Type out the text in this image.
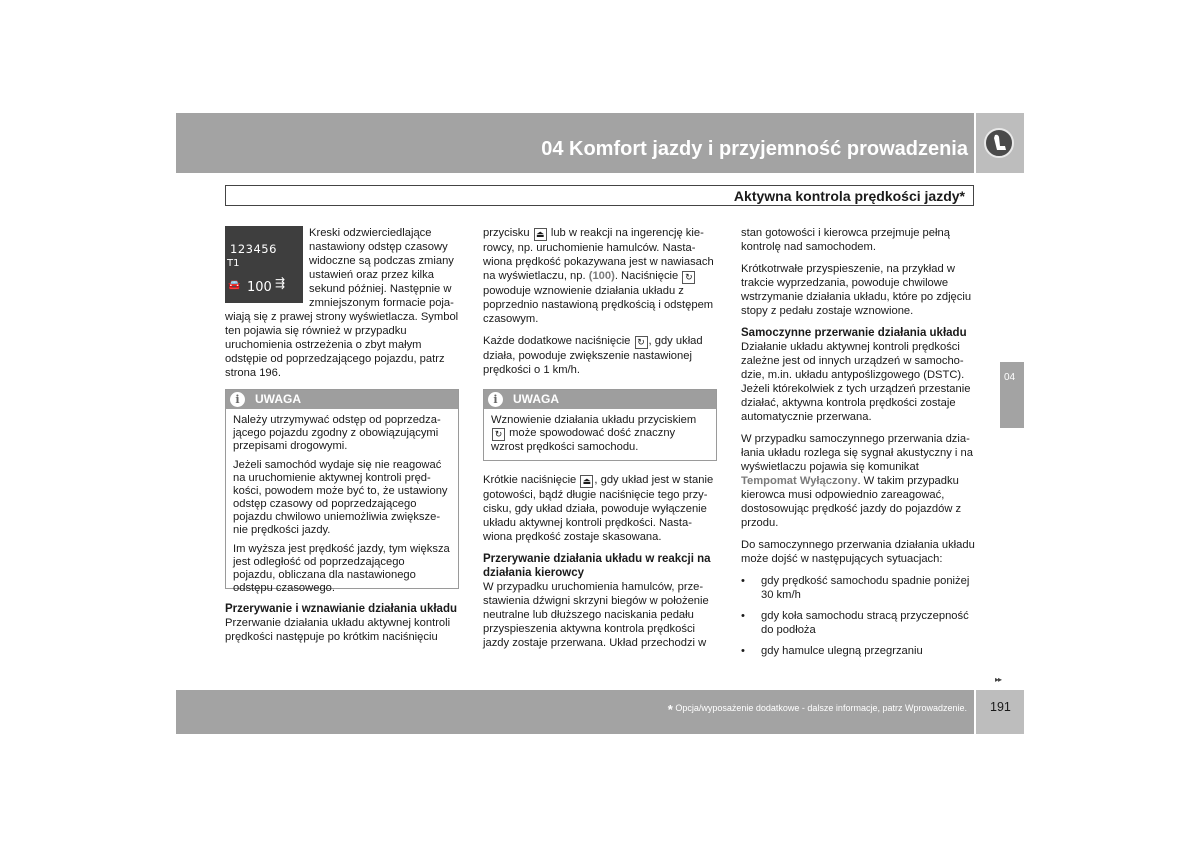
04 Komfort jazdy i przyjemność prowadzenia
Aktywna kontrola prędkości jazdy*
123456
T1
🚘 100 ⇶

Kreski odzwierciedlające nastawiony odstęp czasowy widoczne są podczas zmiany ustawień oraz przez kilka sekund później. Następnie w zmniejszonym formacie poja- wiają się z prawej strony wyświetlacza. Symbol ten pojawia się również w przypadku uruchomienia ostrzeżenia o zbyt małym odstępie od poprzedzającego pojazdu, patrz strona 196.

i	UWAGA

Należy utrzymywać odstęp od poprzedza- jącego pojazdu zgodny z obowiązującymi przepisami drogowymi.

Jeżeli samochód wydaje się nie reagować na uruchomienie aktywnej kontroli pręd- kości, powodem może być to, że ustawiony odstęp czasowy od poprzedzającego pojazdu chwilowo uniemożliwia zwiększe- nie prędkości jazdy.

Im wyższa jest prędkość jazdy, tym większa jest odległość od poprzedzającego pojazdu, obliczana dla nastawionego odstępu czasowego.

Przerywanie i wznawianie działania układu

Przerwanie działania układu aktywnej kontroli prędkości następuje po krótkim naciśnięciu

przycisku ⏏ lub w reakcji na ingerencję kie- rowcy, np. uruchomienie hamulców. Nasta- wiona prędkość pokazywana jest w nawiasach na wyświetlaczu, np. (100). Naciśnięcie ↻ powoduje wznowienie działania układu z poprzednio nastawioną prędkością i odstępem czasowym.

Każde dodatkowe naciśnięcie ↻ , gdy układ działa, powoduje zwiększenie nastawionej prędkości o 1 km/h.

i	UWAGA

Wznowienie działania układu przyciskiem ↻ może spowodować dość znaczny wzrost prędkości samochodu.

Krótkie naciśnięcie ⏏ , gdy układ jest w stanie gotowości, bądź długie naciśnięcie tego przy- cisku, gdy układ działa, powoduje wyłączenie układu aktywnej kontroli prędkości. Nasta- wiona prędkość zostaje skasowana.

Przerywanie działania układu w reakcji na działania kierowcy

W przypadku uruchomienia hamulców, prze- stawienia dźwigni skrzyni biegów w położenie neutralne lub dłuższego naciskania pedału przyspieszenia aktywna kontrola prędkości jazdy zostaje przerwana. Układ przechodzi w

stan gotowości i kierowca przejmuje pełną kontrolę nad samochodem.

Krótkotrwałe przyspieszenie, na przykład w trakcie wyprzedzania, powoduje chwilowe wstrzymanie działania układu, które po zdjęciu stopy z pedału zostaje wznowione.

Samoczynne przerwanie działania układu

Działanie układu aktywnej kontroli prędkości zależne jest od innych urządzeń w samocho- dzie, m.in. układu antypoślizgowego (DSTC). Jeżeli którekolwiek z tych urządzeń przestanie działać, aktywna kontrola prędkości zostaje automatycznie przerwana.

W przypadku samoczynnego przerwania dzia- łania układu rozlega się sygnał akustyczny i na wyświetlaczu pojawia się komunikat Tempomat Wyłączony. W takim przypadku kierowca musi odpowiednio zareagować, dostosowując prędkość jazdy do pojazdów z przodu.

Do samoczynnego przerwania działania układu może dojść w następujących sytuacjach:

• gdy prędkość samochodu spadnie poniżej 30 km/h
• gdy koła samochodu stracą przyczepność do podłoża
• gdy hamulce ulegną przegrzaniu
04
▸▸
* Opcja/wyposażenie dodatkowe - dalsze informacje, patrz Wprowadzenie. 191
